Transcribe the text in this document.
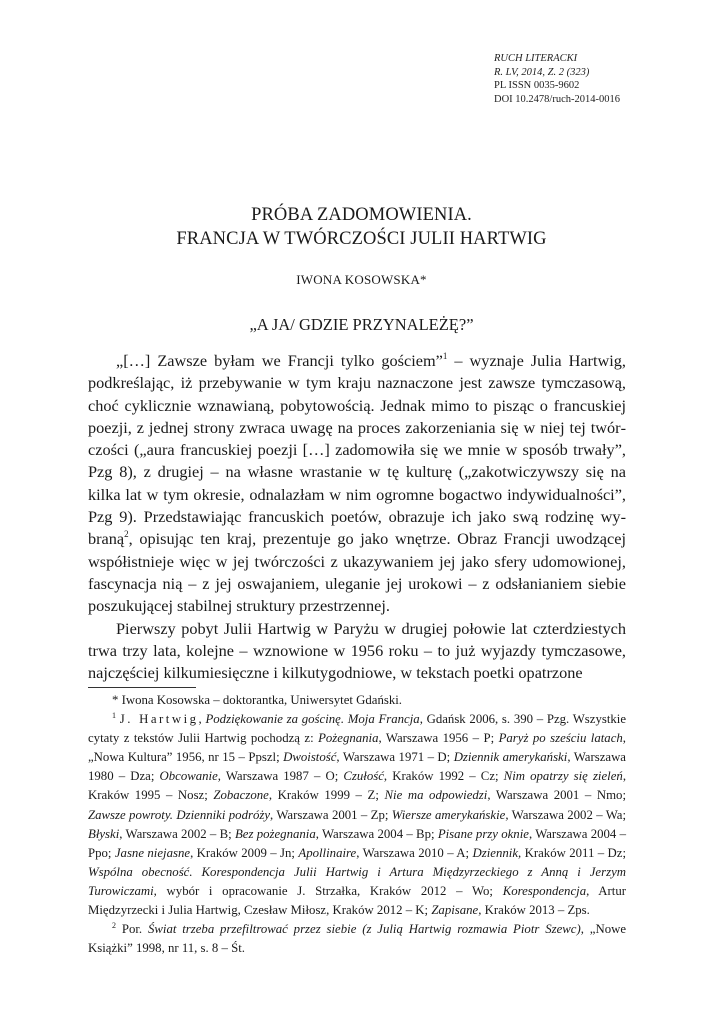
RUCH LITERACKI
R. LV, 2014, Z. 2 (323)
PL ISSN 0035-9602
DOI 10.2478/ruch-2014-0016
PRÓBA ZADOMOWIENIA.
FRANCJA W TWÓRCZOŚCI JULII HARTWIG
IWONA KOSOWSKA*
„A JA/ GDZIE PRZYNALEŻĘ?”

„[…] Zawsze byłam we Francji tylko gościem”$^1$ – wyznaje Julia Hartwig, podkreślając, iż przebywanie w tym kraju naznaczone jest zawsze tymczasową, choć cyklicznie wznawianą, pobytowością. Jednak mimo to pisząc o francuskiej poezji, z jednej strony zwraca uwagę na proces zakorzeniania się w niej tej twórczości („aura francuskiej poezji […] zadomowiła się we mnie w sposób trwały”, Pzg 8), z drugiej – na własne wrastanie w tę kulturę („zakotwiczywszy się na kilka lat w tym okresie, odnalazłam w nim ogromne bogactwo indywidualności”, Pzg 9). Przedstawiając francuskich poetów, obrazuje ich jako swą rodzinę wybraną$^2$, opisując ten kraj, prezentuje go jako wnętrze. Obraz Francji uwodzącej współistnieje więc w jej twórczości z ukazywaniem jej jako sfery udomowionej, fascynacja nią – z jej oswajaniem, uleganie jej urokowi – z odsłanianiem siebie poszukującej stabilnej struktury przestrzennej.

Pierwszy pobyt Julii Hartwig w Paryżu w drugiej połowie lat czterdziestych trwa trzy lata, kolejne – wznowione w 1956 roku – to już wyjazdy tymczasowe, najczęściej kilkumiesięczne i kilkutygodniowe, w tekstach poetki opatrzone

* Iwona Kosowska – doktorantka, Uniwersytet Gdański.

$^1$ J. Hartwig, Podziękowanie za gościnę. Moja Francja, Gdańsk 2006, s. 390 – Pzg. Wszystkie cytaty z tekstów Julii Hartwig pochodzą z: Pożegnania, Warszawa 1956 – P; Paryż po sześciu latach, „Nowa Kultura” 1956, nr 15 – Ppszl; Dwoistość, Warszawa 1971 – D; Dziennik amerykański, Warszawa 1980 – Dza; Obcowanie, Warszawa 1987 – O; Czułość, Kraków 1992 – Cz; Nim opatrzy się zieleń, Kraków 1995 – Nosz; Zobaczone, Kraków 1999 – Z; Nie ma odpowiedzi, Warszawa 2001 – Nmo; Zawsze powroty. Dzienniki podróży, Warszawa 2001 – Zp; Wiersze amerykańskie, Warszawa 2002 – Wa; Błyski, Warszawa 2002 – B; Bez pożegnania, Warszawa 2004 – Bp; Pisane przy oknie, Warszawa 2004 – Ppo; Jasne niejasne, Kraków 2009 – Jn; Apollinaire, Warszawa 2010 – A; Dziennik, Kraków 2011 – Dz; Wspólna obecność. Korespondencja Julii Hartwig i Artura Międzyrzeckiego z Anną i Jerzym Turowiczami, wybór i opracowanie J. Strzałka, Kraków 2012 – Wo; Korespondencja, Artur Międzyrzecki i Julia Hartwig, Czesław Miłosz, Kraków 2012 – K; Zapisane, Kraków 2013 – Zps.

$^2$ Por. Świat trzeba przefiltrować przez siebie (z Julią Hartwig rozmawia Piotr Szewc), „Nowe Książki” 1998, nr 11, s. 8 – Śt.
